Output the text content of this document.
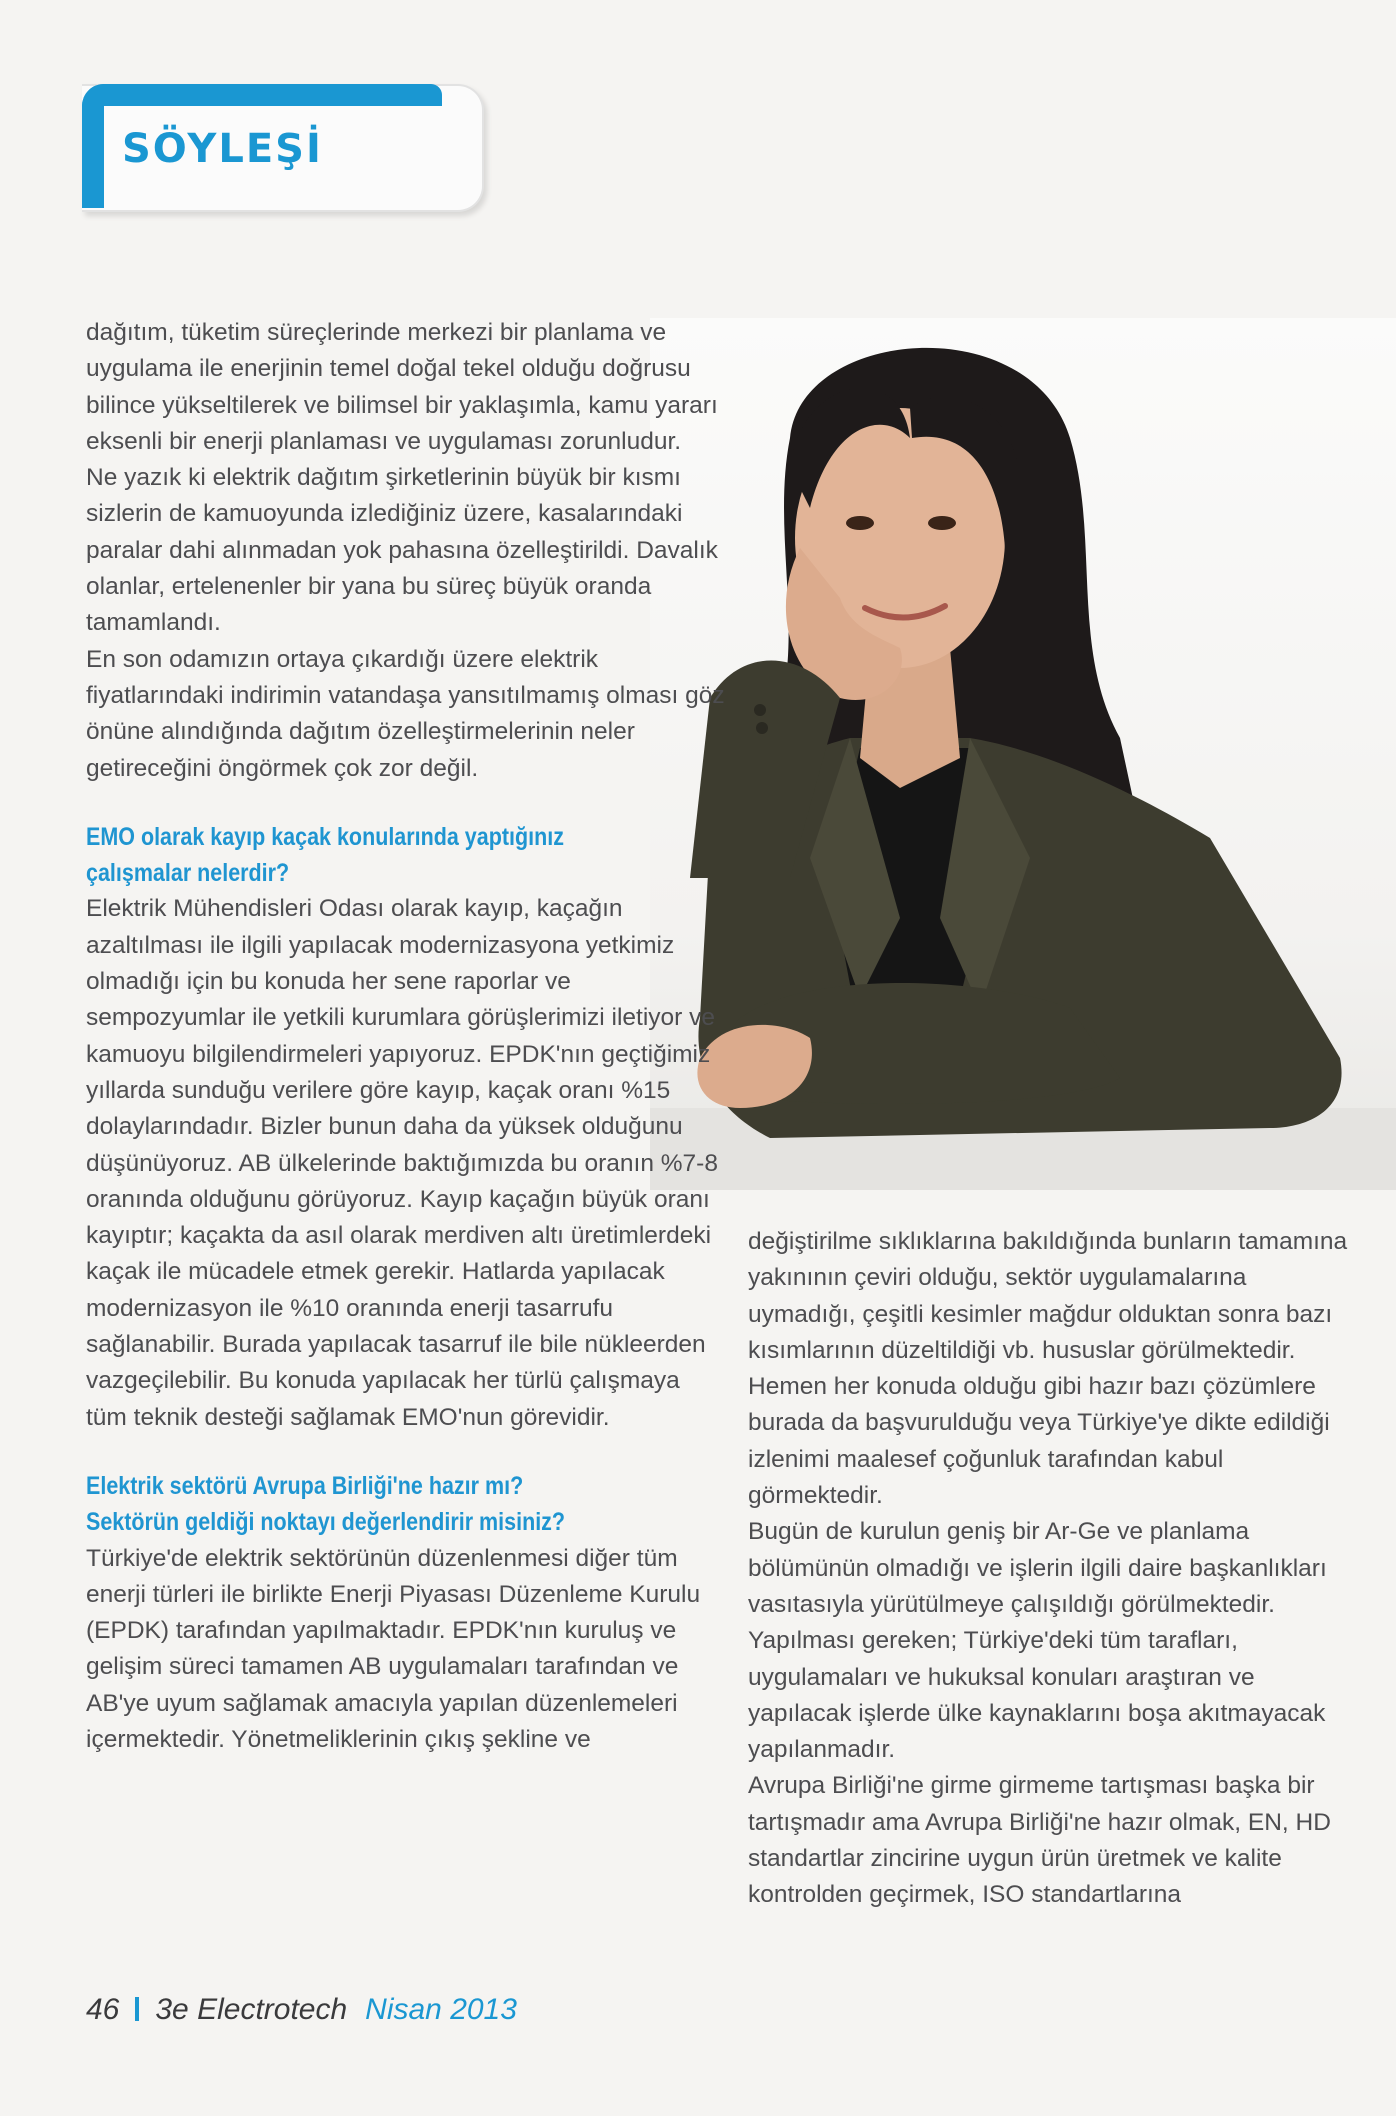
SÖYLEŞİ

dağıtım, tüketim süreçlerinde merkezi bir planlama ve uygulama ile enerjinin temel doğal tekel olduğu doğrusu bilince yükseltilerek ve bilimsel bir yaklaşımla, kamu yararı eksenli bir enerji planlaması ve uygulaması zorunludur.

Ne yazık ki elektrik dağıtım şirketlerinin büyük bir kısmı sizlerin de kamuoyunda izlediğiniz üzere, kasalarındaki paralar dahi alınmadan yok pahasına özelleştirildi. Davalık olanlar, ertelenenler bir yana bu süreç büyük oranda tamamlandı.

En son odamızın ortaya çıkardığı üzere elektrik fiyatlarındaki indirimin vatandaşa yansıtılmamış olması göz önüne alındığında dağıtım özelleştirmelerinin neler getireceğini öngörmek çok zor değil.

EMO olarak kayıp kaçak konularında yaptığınız çalışmalar nelerdir?

Elektrik Mühendisleri Odası olarak kayıp, kaçağın azaltılması ile ilgili yapılacak modernizasyona yetkimiz olmadığı için bu konuda her sene raporlar ve sempozyumlar ile yetkili kurumlara görüşlerimizi iletiyor ve kamuoyu bilgilendirmeleri yapıyoruz. EPDK'nın geçtiğimiz yıllarda sunduğu verilere göre kayıp, kaçak oranı %15 dolaylarındadır. Bizler bunun daha da yüksek olduğunu düşünüyoruz. AB ülkelerinde baktığımızda bu oranın %7-8 oranında olduğunu görüyoruz. Kayıp kaçağın büyük oranı kayıptır; kaçakta da asıl olarak merdiven altı üretimlerdeki kaçak ile mücadele etmek gerekir. Hatlarda yapılacak modernizasyon ile %10 oranında enerji tasarrufu sağlanabilir. Burada yapılacak tasarruf ile bile nükleerden vazgeçilebilir. Bu konuda yapılacak her türlü çalışmaya tüm teknik desteği sağlamak EMO'nun görevidir.

Elektrik sektörü Avrupa Birliği'ne hazır mı? Sektörün geldiği noktayı değerlendirir misiniz?

Türkiye'de elektrik sektörünün düzenlenmesi diğer tüm enerji türleri ile birlikte Enerji Piyasası Düzenleme Kurulu (EPDK) tarafından yapılmaktadır. EPDK'nın kuruluş ve gelişim süreci tamamen AB uygulamaları tarafından ve AB'ye uyum sağlamak amacıyla yapılan düzenlemeleri içermektedir. Yönetmeliklerinin çıkış şekline ve

değiştirilme sıklıklarına bakıldığında bunların tamamına yakınının çeviri olduğu, sektör uygulamalarına uymadığı, çeşitli kesimler mağdur olduktan sonra bazı kısımlarının düzeltildiği vb. hususlar görülmektedir. Hemen her konuda olduğu gibi hazır bazı çözümlere burada da başvurulduğu veya Türkiye'ye dikte edildiği izlenimi maalesef çoğunluk tarafından kabul görmektedir.

Bugün de kurulun geniş bir Ar-Ge ve planlama bölümünün olmadığı ve işlerin ilgili daire başkanlıkları vasıtasıyla yürütülmeye çalışıldığı görülmektedir. Yapılması gereken; Türkiye'deki tüm tarafları, uygulamaları ve hukuksal konuları araştıran ve yapılacak işlerde ülke kaynaklarını boşa akıtmayacak yapılanmadır.

Avrupa Birliği'ne girme girmeme tartışması başka bir tartışmadır ama Avrupa Birliği'ne hazır olmak, EN, HD standartlar zincirine uygun ürün üretmek ve kalite kontrolden geçirmek, ISO standartlarına

46 3e Electrotech Nisan 2013
